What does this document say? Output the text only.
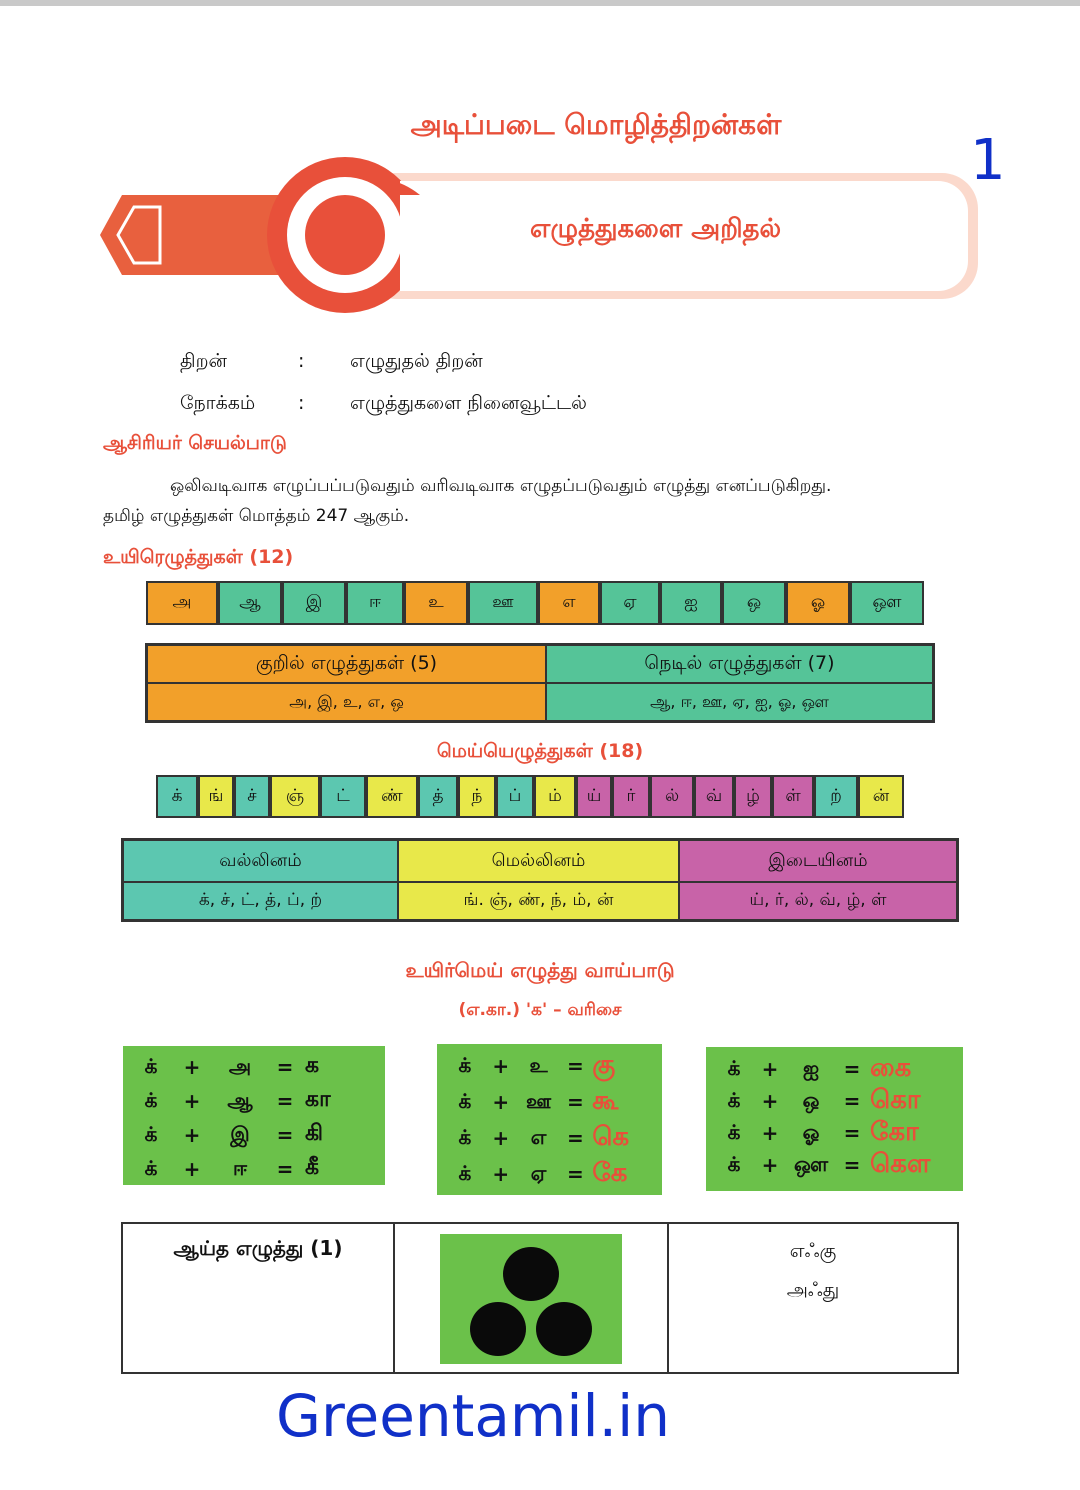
அடிப்படை மொழித்திறன்கள்
1
எழுத்துகளை அறிதல்
திறன்	: எழுதுதல் திறன்
நோக்கம் : எழுத்துகளை நினைவூட்டல்
ஆசிரியர் செயல்பாடு
ஒலிவடிவாக எழுப்பப்படுவதும் வரிவடிவாக எழுதப்படுவதும் எழுத்து எனப்படுகிறது.
தமிழ் எழுத்துகள் மொத்தம் 247 ஆகும்.
உயிரெழுத்துகள் (12)
அ	ஆ	இ	ஈ	உ	ஊ	எ	ஏ	ஐ	ஒ	ஓ	ஔ
குறில் எழுத்துகள் (5)	நெடில் எழுத்துகள் (7)
அ, இ, உ, எ, ஒ	ஆ, ஈ, ஊ, ஏ, ஐ, ஓ, ஔ
மெய்யெழுத்துகள் (18)
க்	ங்	ச்	ஞ்	ட்	ண்	த்	ந்	ப்	ம்	ய்	ர்	ல்	வ்	ழ்	ள்	ற்	ன்
வல்லினம்	மெல்லினம்	இடையினம்
க், ச், ட், த், ப், ற்	ங். ஞ், ண், ந், ம், ன்	ய், ர், ல், வ், ழ், ள்
உயிர்மெய் எழுத்து வாய்பாடு
(எ.கா.) 'க' – வரிசை
க்	+	அ	= க
க்	+	ஆ	= கா
க்	+	இ	= கி
க்	+	ஈ	= கீ
க்	+	உ = கு
க்	+ ஊ = கூ
க்	+	எ	= கெ
க்	+	ஏ	= கே
க்	+	ஐ	= கை
க்	+	ஒ	= கொ
க்	+	ஓ	= கோ
க்	+ ஔ = கௌ
ஆய்த எழுத்து (1)	எஃகு
அஃது
Greentamil.in
